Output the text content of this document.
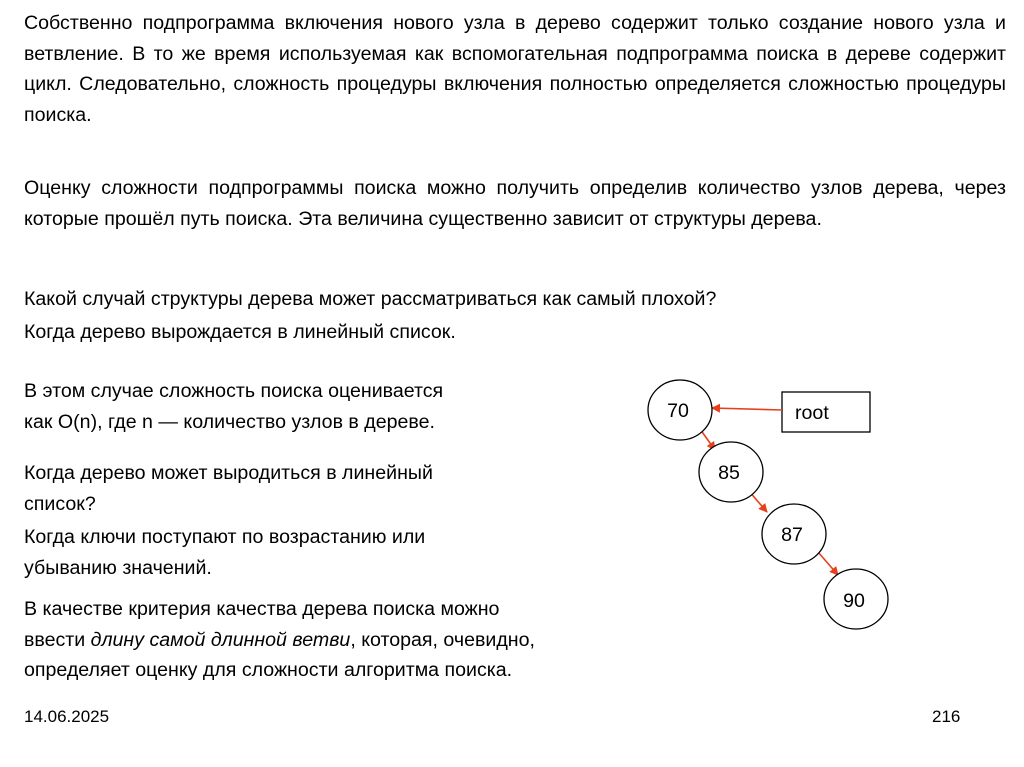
Собственно подпрограмма включения нового узла в дерево содержит только создание нового узла и ветвление. В то же время используемая как вспомогательная подпрограмма поиска в дереве содержит цикл. Следовательно, сложность процедуры включения полностью определяется сложностью процедуры поиска.
Оценку сложности подпрограммы поиска можно получить определив количество узлов дерева, через которые прошёл путь поиска. Эта величина существенно зависит от структуры дерева.
Какой случай структуры дерева может рассматриваться как самый плохой?
Когда дерево вырождается в линейный список.
В этом случае сложность поиска оценивается
как O(n), где n — количество узлов в дереве.
Когда дерево может выродиться в линейный
список?
Когда ключи поступают по возрастанию или
убыванию значений.
В качестве критерия качества дерева поиска можно
ввести длину самой длинной ветви, которая, очевидно,
определяет оценку для сложности алгоритма поиска.
root
70
85
87
90
14.06.2025	216
